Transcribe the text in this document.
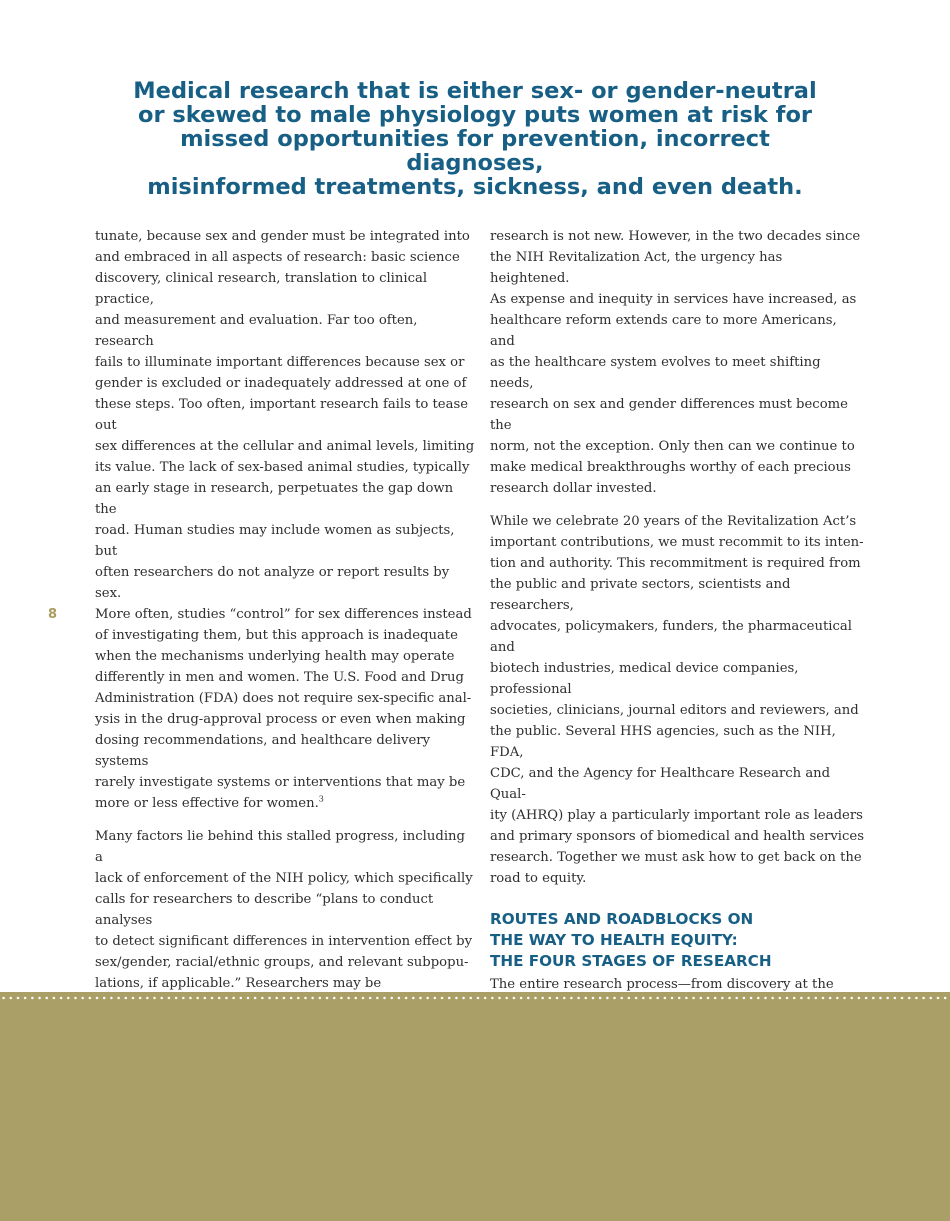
Medical research that is either sex- or gender-neutral
or skewed to male physiology puts women at risk for
missed opportunities for prevention, incorrect diagnoses,
misinformed treatments, sickness, and even death.
8

tunate, because sex and gender must be integrated into
and embraced in all aspects of research: basic science
discovery, clinical research, translation to clinical practice,
and measurement and evaluation. Far too often, research
fails to illuminate important differences because sex or
gender is excluded or inadequately addressed at one of
these steps. Too often, important research fails to tease out
sex differences at the cellular and animal levels, limiting
its value. The lack of sex-based animal studies, typically
an early stage in research, perpetuates the gap down the
road. Human studies may include women as subjects, but
often researchers do not analyze or report results by sex.
More often, studies “control” for sex differences instead
of investigating them, but this approach is inadequate
when the mechanisms underlying health may operate
differently in men and women. The U.S. Food and Drug
Administration (FDA) does not require sex-specific anal-
ysis in the drug-approval process or even when making
dosing recommendations, and healthcare delivery systems
rarely investigate systems or interventions that may be
more or less effective for women.$^3$

Many factors lie behind this stalled progress, including a
lack of enforcement of the NIH policy, which specifically
calls for researchers to describe “plans to conduct analyses
to detect significant differences in intervention effect by
sex/gender, racial/ethnic groups, and relevant subpopu-
lations, if applicable.” Researchers may be

research is not new. However, in the two decades since
the NIH Revitalization Act, the urgency has heightened.
As expense and inequity in services have increased, as
healthcare reform extends care to more Americans, and
as the healthcare system evolves to meet shifting needs,
research on sex and gender differences must become the
norm, not the exception. Only then can we continue to
make medical breakthroughs worthy of each precious
research dollar invested.

While we celebrate 20 years of the Revitalization Act’s
important contributions, we must recommit to its inten-
tion and authority. This recommitment is required from
the public and private sectors, scientists and researchers,
advocates, policymakers, funders, the pharmaceutical and
biotech industries, medical device companies, professional
societies, clinicians, journal editors and reviewers, and
the public. Several HHS agencies, such as the NIH, FDA,
CDC, and the Agency for Healthcare Research and Qual-
ity (AHRQ) play a particularly important role as leaders
and primary sponsors of biomedical and health services
research. Together we must ask how to get back on the
road to equity.

ROUTES AND ROADBLOCKS ON
THE WAY TO HEALTH EQUITY:
THE FOUR STAGES OF RESEARCH

The entire research process—from discovery at the
